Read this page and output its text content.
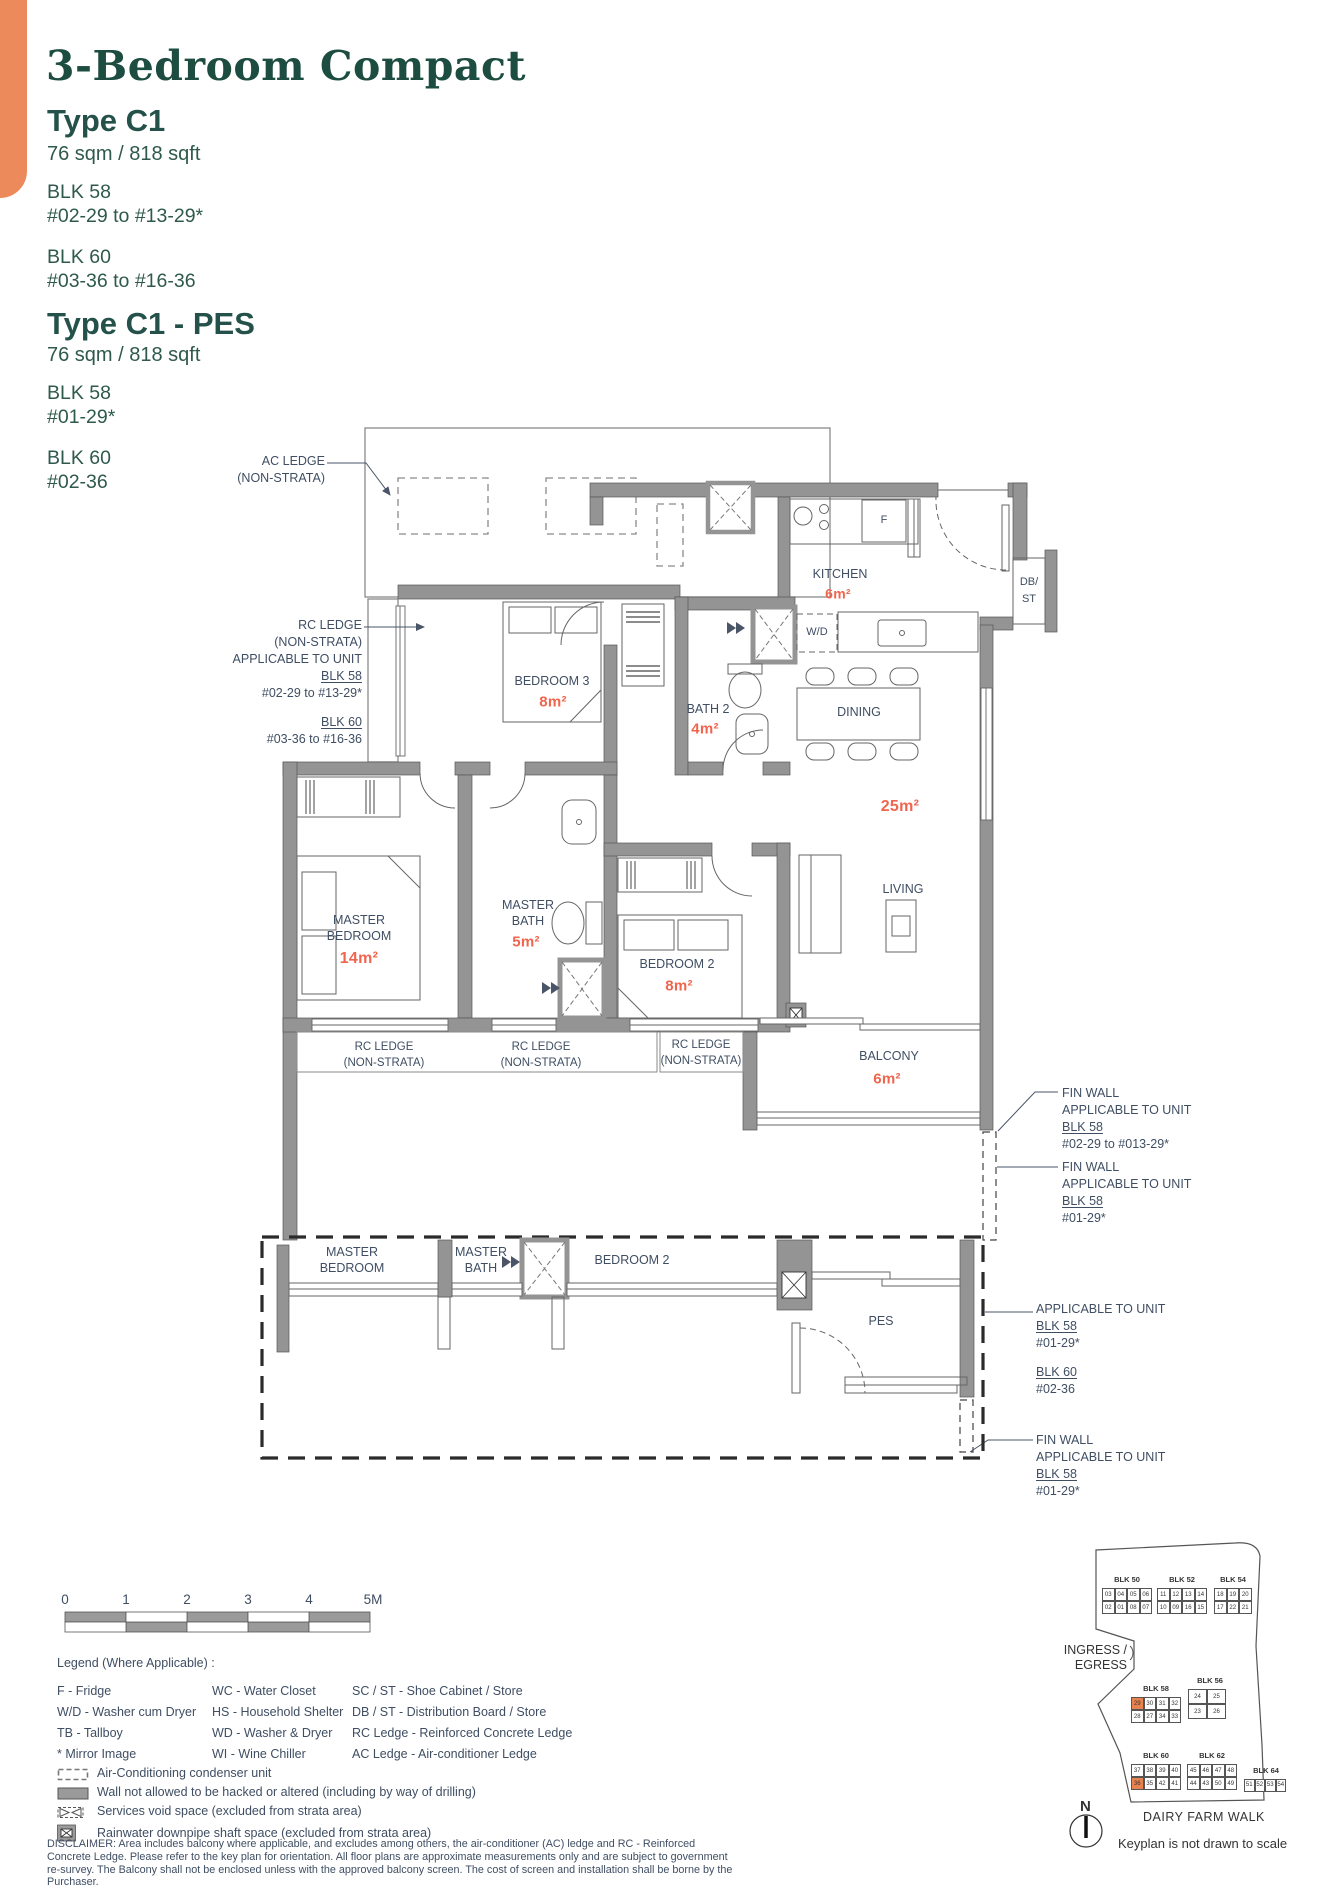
3-Bedroom Compact
Type C1
76 sqm / 818 sqft
BLK 58
#02-29 to #13-29*
BLK 60
#03-36 to #16-36
Type C1 - PES
76 sqm / 818 sqft
BLK 58
#01-29*
BLK 60
#02-36
KITCHEN
6m²
DINING
LIVING
25m²
BATH 2
4m²
BEDROOM 3
8m²
MASTER
BEDROOM
14m²
MASTER
BATH
5m²
BEDROOM 2
8m²
BALCONY
6m²
F
W/D
DB/
ST
RC LEDGE
(NON-STRATA)
RC LEDGE
(NON-STRATA)
RC LEDGE
(NON-STRATA)
MASTER
BEDROOM
MASTER
BATH
BEDROOM 2
PES
AC LEDGE
(NON-STRATA)
RC LEDGE
(NON-STRATA)
APPLICABLE TO UNIT
BLK 58
#02-29 to #13-29*
BLK 60
#03-36 to #16-36
FIN WALL
APPLICABLE TO UNIT
BLK 58
#02-29 to #013-29*
FIN WALL
APPLICABLE TO UNIT
BLK 58
#01-29*
APPLICABLE TO UNIT
BLK 58
#01-29*
BLK 60
#02-36
FIN WALL
APPLICABLE TO UNIT
BLK 58
#01-29*
0	1	2	3	4	5M
Legend (Where Applicable) :
F - Fridge
W/D - Washer cum Dryer
TB - Tallboy
* Mirror Image
WC - Water Closet
HS - Household Shelter
WD - Washer & Dryer
WI - Wine Chiller
SC / ST - Shoe Cabinet / Store
DB / ST - Distribution Board / Store
RC Ledge - Reinforced Concrete Ledge
AC Ledge - Air-conditioner Ledge
Air-Conditioning condenser unit
Wall not allowed to be hacked or altered (including by way of drilling)
Services void space (excluded from strata area)
Rainwater downpipe shaft space (excluded from strata area)
DISCLAIMER: Area includes balcony where applicable, and excludes among others, the air-conditioner (AC) ledge and RC - Reinforced Concrete Ledge. Please refer to the key plan for orientation. All floor plans are approximate measurements only and are subject to government re-survey. The Balcony shall not be enclosed unless with the approved balcony screen. The cost of screen and installation shall be borne by the Purchaser.
INGRESS /
EGRESS
DAIRY FARM WALK
Keyplan is not drawn to scale
N
BLK 50	BLK 52	BLK 54
BLK 58
BLK 56
BLK 60	BLK 62
BLK 64
03 04 05 06
02 01 08 07
11	12 13 14
10 09 16 15
18 19 20
17 22 21
29 30 31 32
28 27 34 33
24	25
23	26
37 38 39 40
36 35 42 41
45 46 47 48
44 43 50 49	51 52 53 54
